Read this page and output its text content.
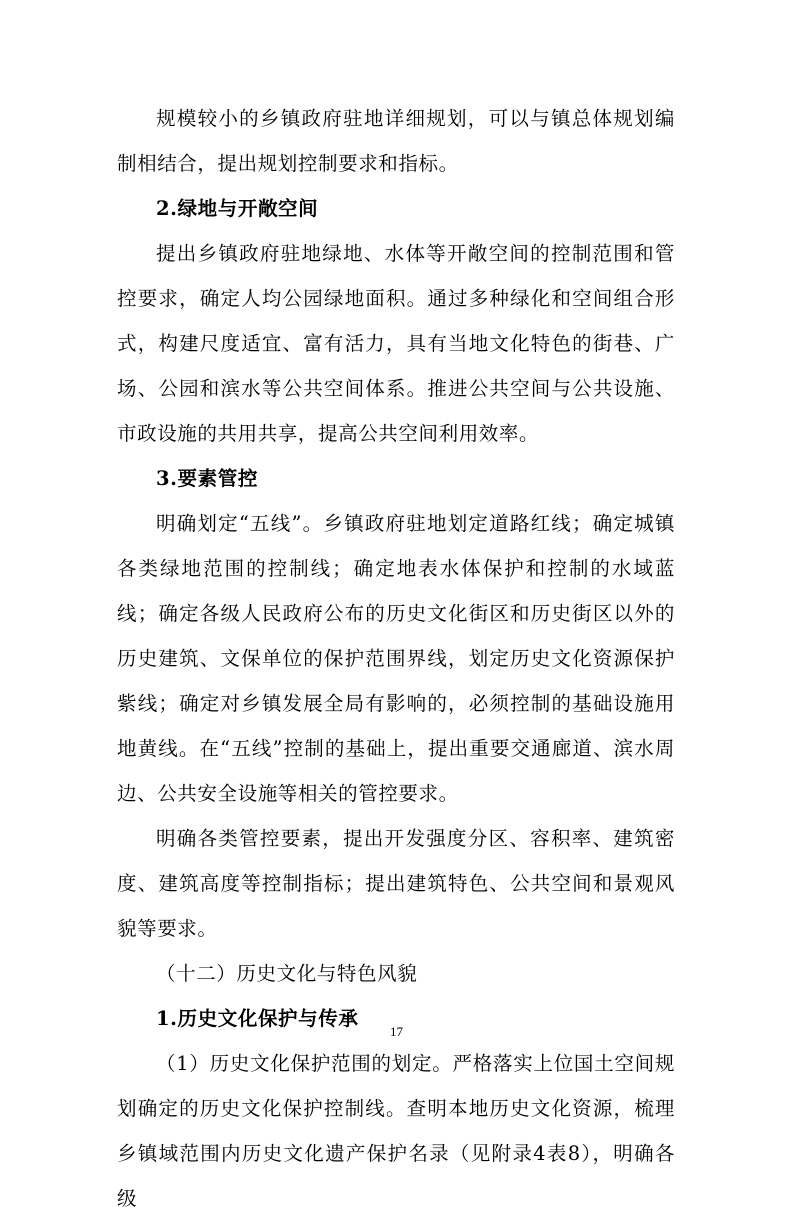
规模较小的乡镇政府驻地详细规划，可以与镇总体规划编制相结合，提出规划控制要求和指标。

2.绿地与开敞空间

提出乡镇政府驻地绿地、水体等开敞空间的控制范围和管控要求，确定人均公园绿地面积。通过多种绿化和空间组合形式，构建尺度适宜、富有活力，具有当地文化特色的街巷、广场、公园和滨水等公共空间体系。推进公共空间与公共设施、市政设施的共用共享，提高公共空间利用效率。

3.要素管控

明确划定“五线”。乡镇政府驻地划定道路红线；确定城镇各类绿地范围的控制线；确定地表水体保护和控制的水域蓝线；确定各级人民政府公布的历史文化街区和历史街区以外的历史建筑、文保单位的保护范围界线，划定历史文化资源保护紫线；确定对乡镇发展全局有影响的，必须控制的基础设施用地黄线。在“五线”控制的基础上，提出重要交通廊道、滨水周边、公共安全设施等相关的管控要求。

明确各类管控要素，提出开发强度分区、容积率、建筑密度、建筑高度等控制指标；提出建筑特色、公共空间和景观风貌等要求。

（十二）历史文化与特色风貌

1.历史文化保护与传承

（1）历史文化保护范围的划定。严格落实上位国土空间规划确定的历史文化保护控制线。查明本地历史文化资源，梳理乡镇域范围内历史文化遗产保护名录（见附录4表8），明确各级

17
